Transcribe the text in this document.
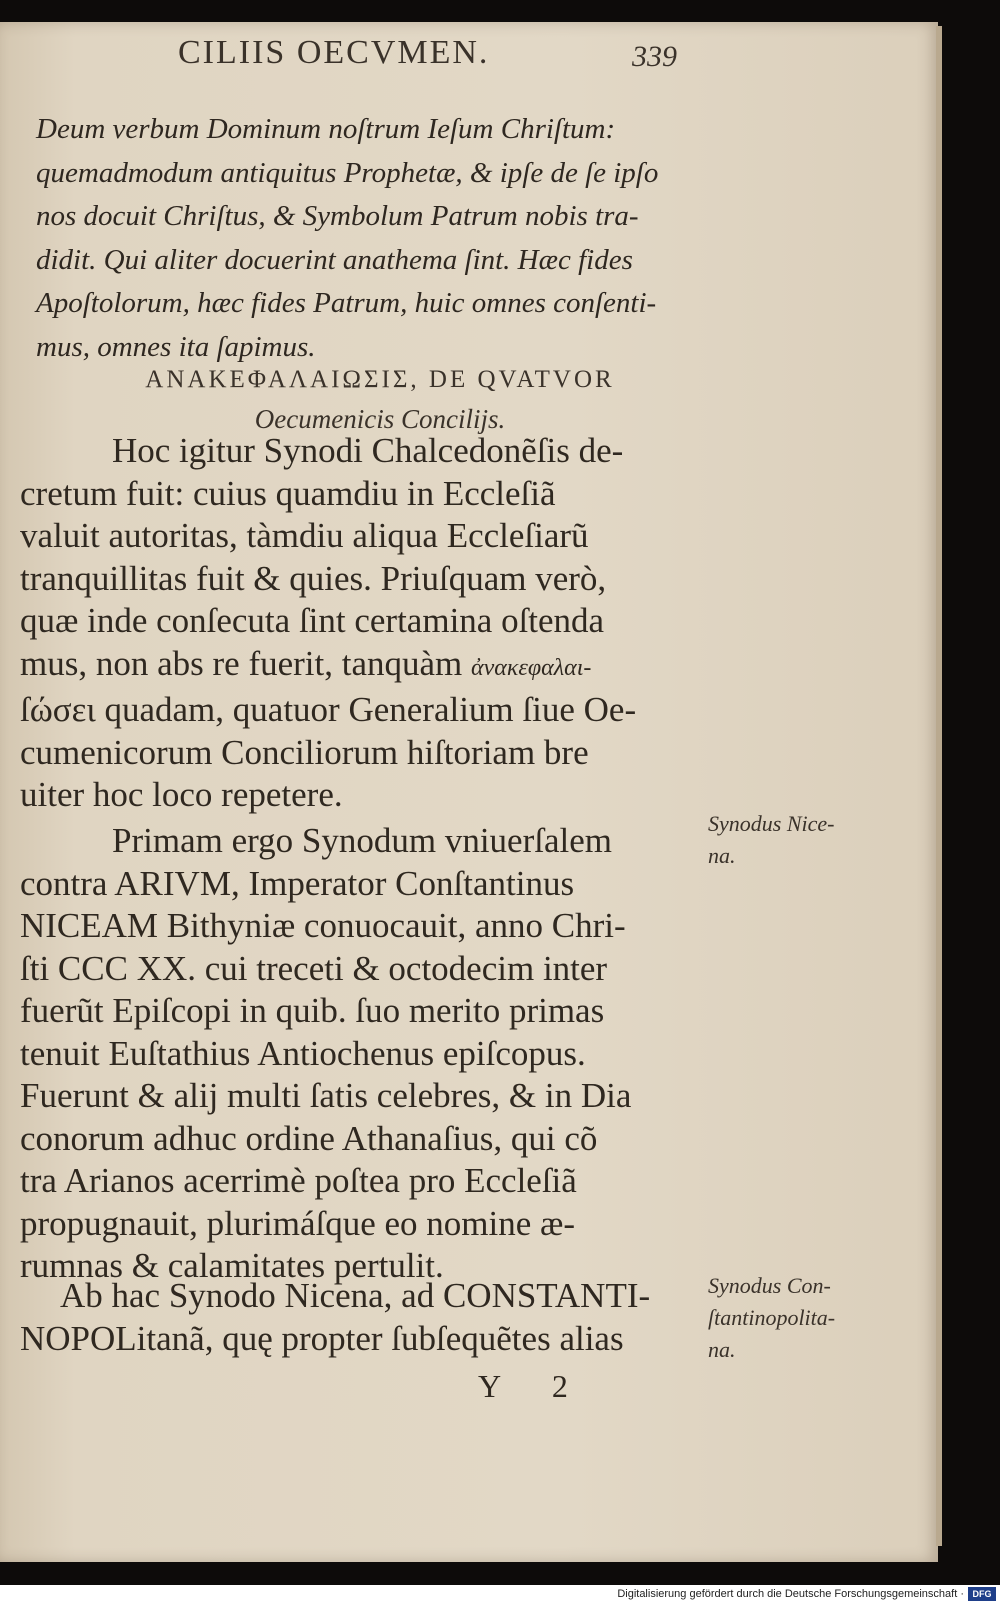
CILIIS OECVMEN.	339
Deum verbum Dominum noſtrum Ieſum Chriſtum:
quemadmodum antiquitus Prophetæ, & ipſe de ſe ipſo
nos docuit Chriſtus, & Symbolum Patrum nobis tra-
didit. Qui aliter docuerint anathema ſint. Hæc fides
Apoſtolorum, hæc fides Patrum, huic omnes conſenti-
mus, omnes ita ſapimus.
ΑΝΑΚΕΦΑΛΑΙΩΣΙΣ, DE QVATVOR
Oecumenicis Concilijs.
Hoc igitur Synodi Chalcedonẽſis de-
cretum fuit: cuius quamdiu in Eccleſiã
valuit autoritas, tàmdiu aliqua Eccleſiarũ
tranquillitas fuit & quies. Priuſquam verò,
quæ inde conſecuta ſint certamina oſtenda
mus, non abs re fuerit, tanquàm ἀνακεφαλαι-
ſώσει quadam, quatuor Generalium ſiue Oe-
cumenicorum Conciliorum hiſtoriam bre
uiter hoc loco repetere.
Primam ergo Synodum vniuerſalem
contra ARIVM, Imperator Conſtantinus
NICEAM Bithyniæ conuocauit, anno Chri-
ſti CCC XX. cui treceti & octodecim inter
fuerũt Epiſcopi in quib. ſuo merito primas
tenuit Euſtathius Antiochenus epiſcopus.
Fuerunt & alij multi ſatis celebres, & in Dia
conorum adhuc ordine Athanaſius, qui cõ
tra Arianos acerrimè poſtea pro Eccleſiã
propugnauit, plurimáſque eo nomine æ-
rumnas & calamitates pertulit.
Ab hac Synodo Nicena, ad CONSTANTI-
NOPOLitanã, quę propter ſubſequẽtes alias
Y 2
Synodus Nice-
na.
Synodus Con-
ſtantinopolita-
na.
Digitalisierung gefördert durch die Deutsche Forschungsgemeinschaft · DFG
